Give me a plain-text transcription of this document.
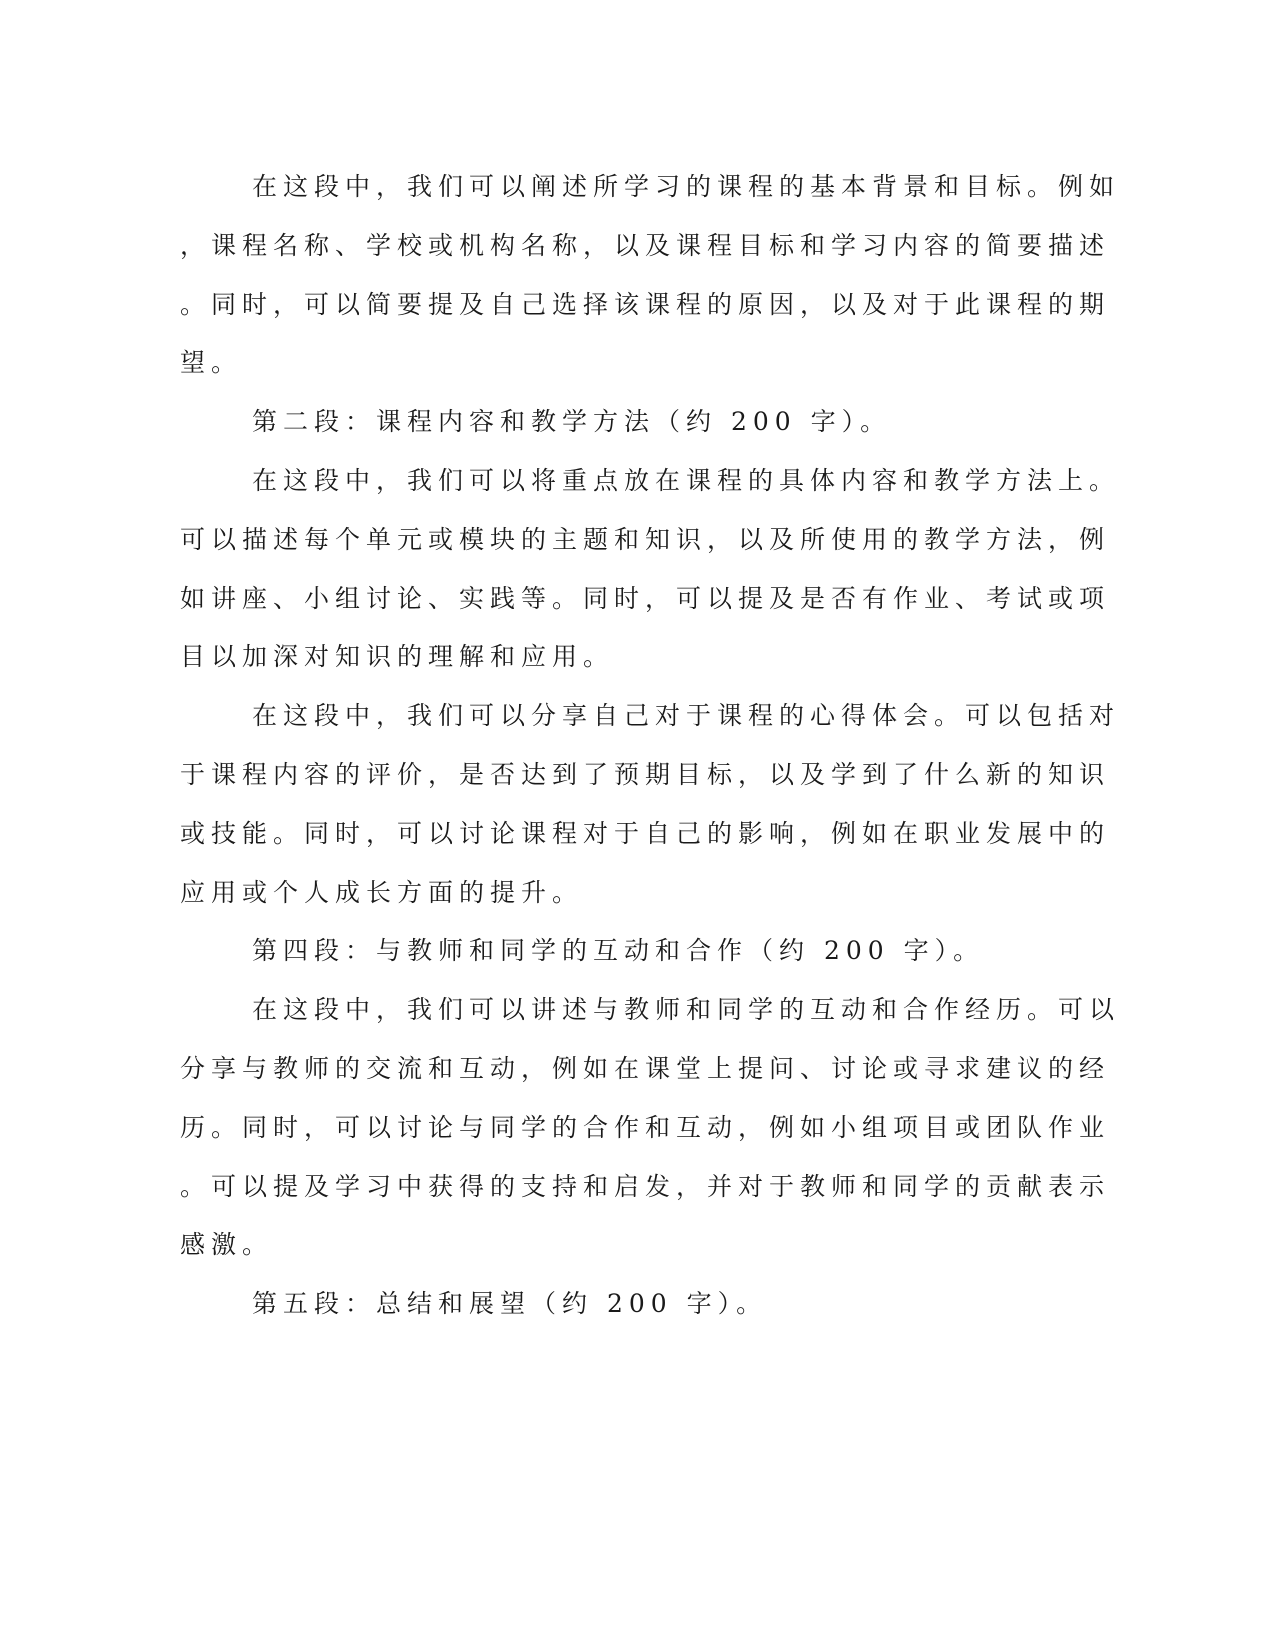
在这段中，我们可以阐述所学习的课程的基本背景和目标。例如
，课程名称、学校或机构名称，以及课程目标和学习内容的简要描述
。同时，可以简要提及自己选择该课程的原因，以及对于此课程的期
望。
第二段：课程内容和教学方法（约 200 字）。
在这段中，我们可以将重点放在课程的具体内容和教学方法上。
可以描述每个单元或模块的主题和知识，以及所使用的教学方法，例
如讲座、小组讨论、实践等。同时，可以提及是否有作业、考试或项
目以加深对知识的理解和应用。
在这段中，我们可以分享自己对于课程的心得体会。可以包括对
于课程内容的评价，是否达到了预期目标，以及学到了什么新的知识
或技能。同时，可以讨论课程对于自己的影响，例如在职业发展中的
应用或个人成长方面的提升。
第四段：与教师和同学的互动和合作（约 200 字）。
在这段中，我们可以讲述与教师和同学的互动和合作经历。可以
分享与教师的交流和互动，例如在课堂上提问、讨论或寻求建议的经
历。同时，可以讨论与同学的合作和互动，例如小组项目或团队作业
。可以提及学习中获得的支持和启发，并对于教师和同学的贡献表示
感激。
第五段：总结和展望（约 200 字）。
